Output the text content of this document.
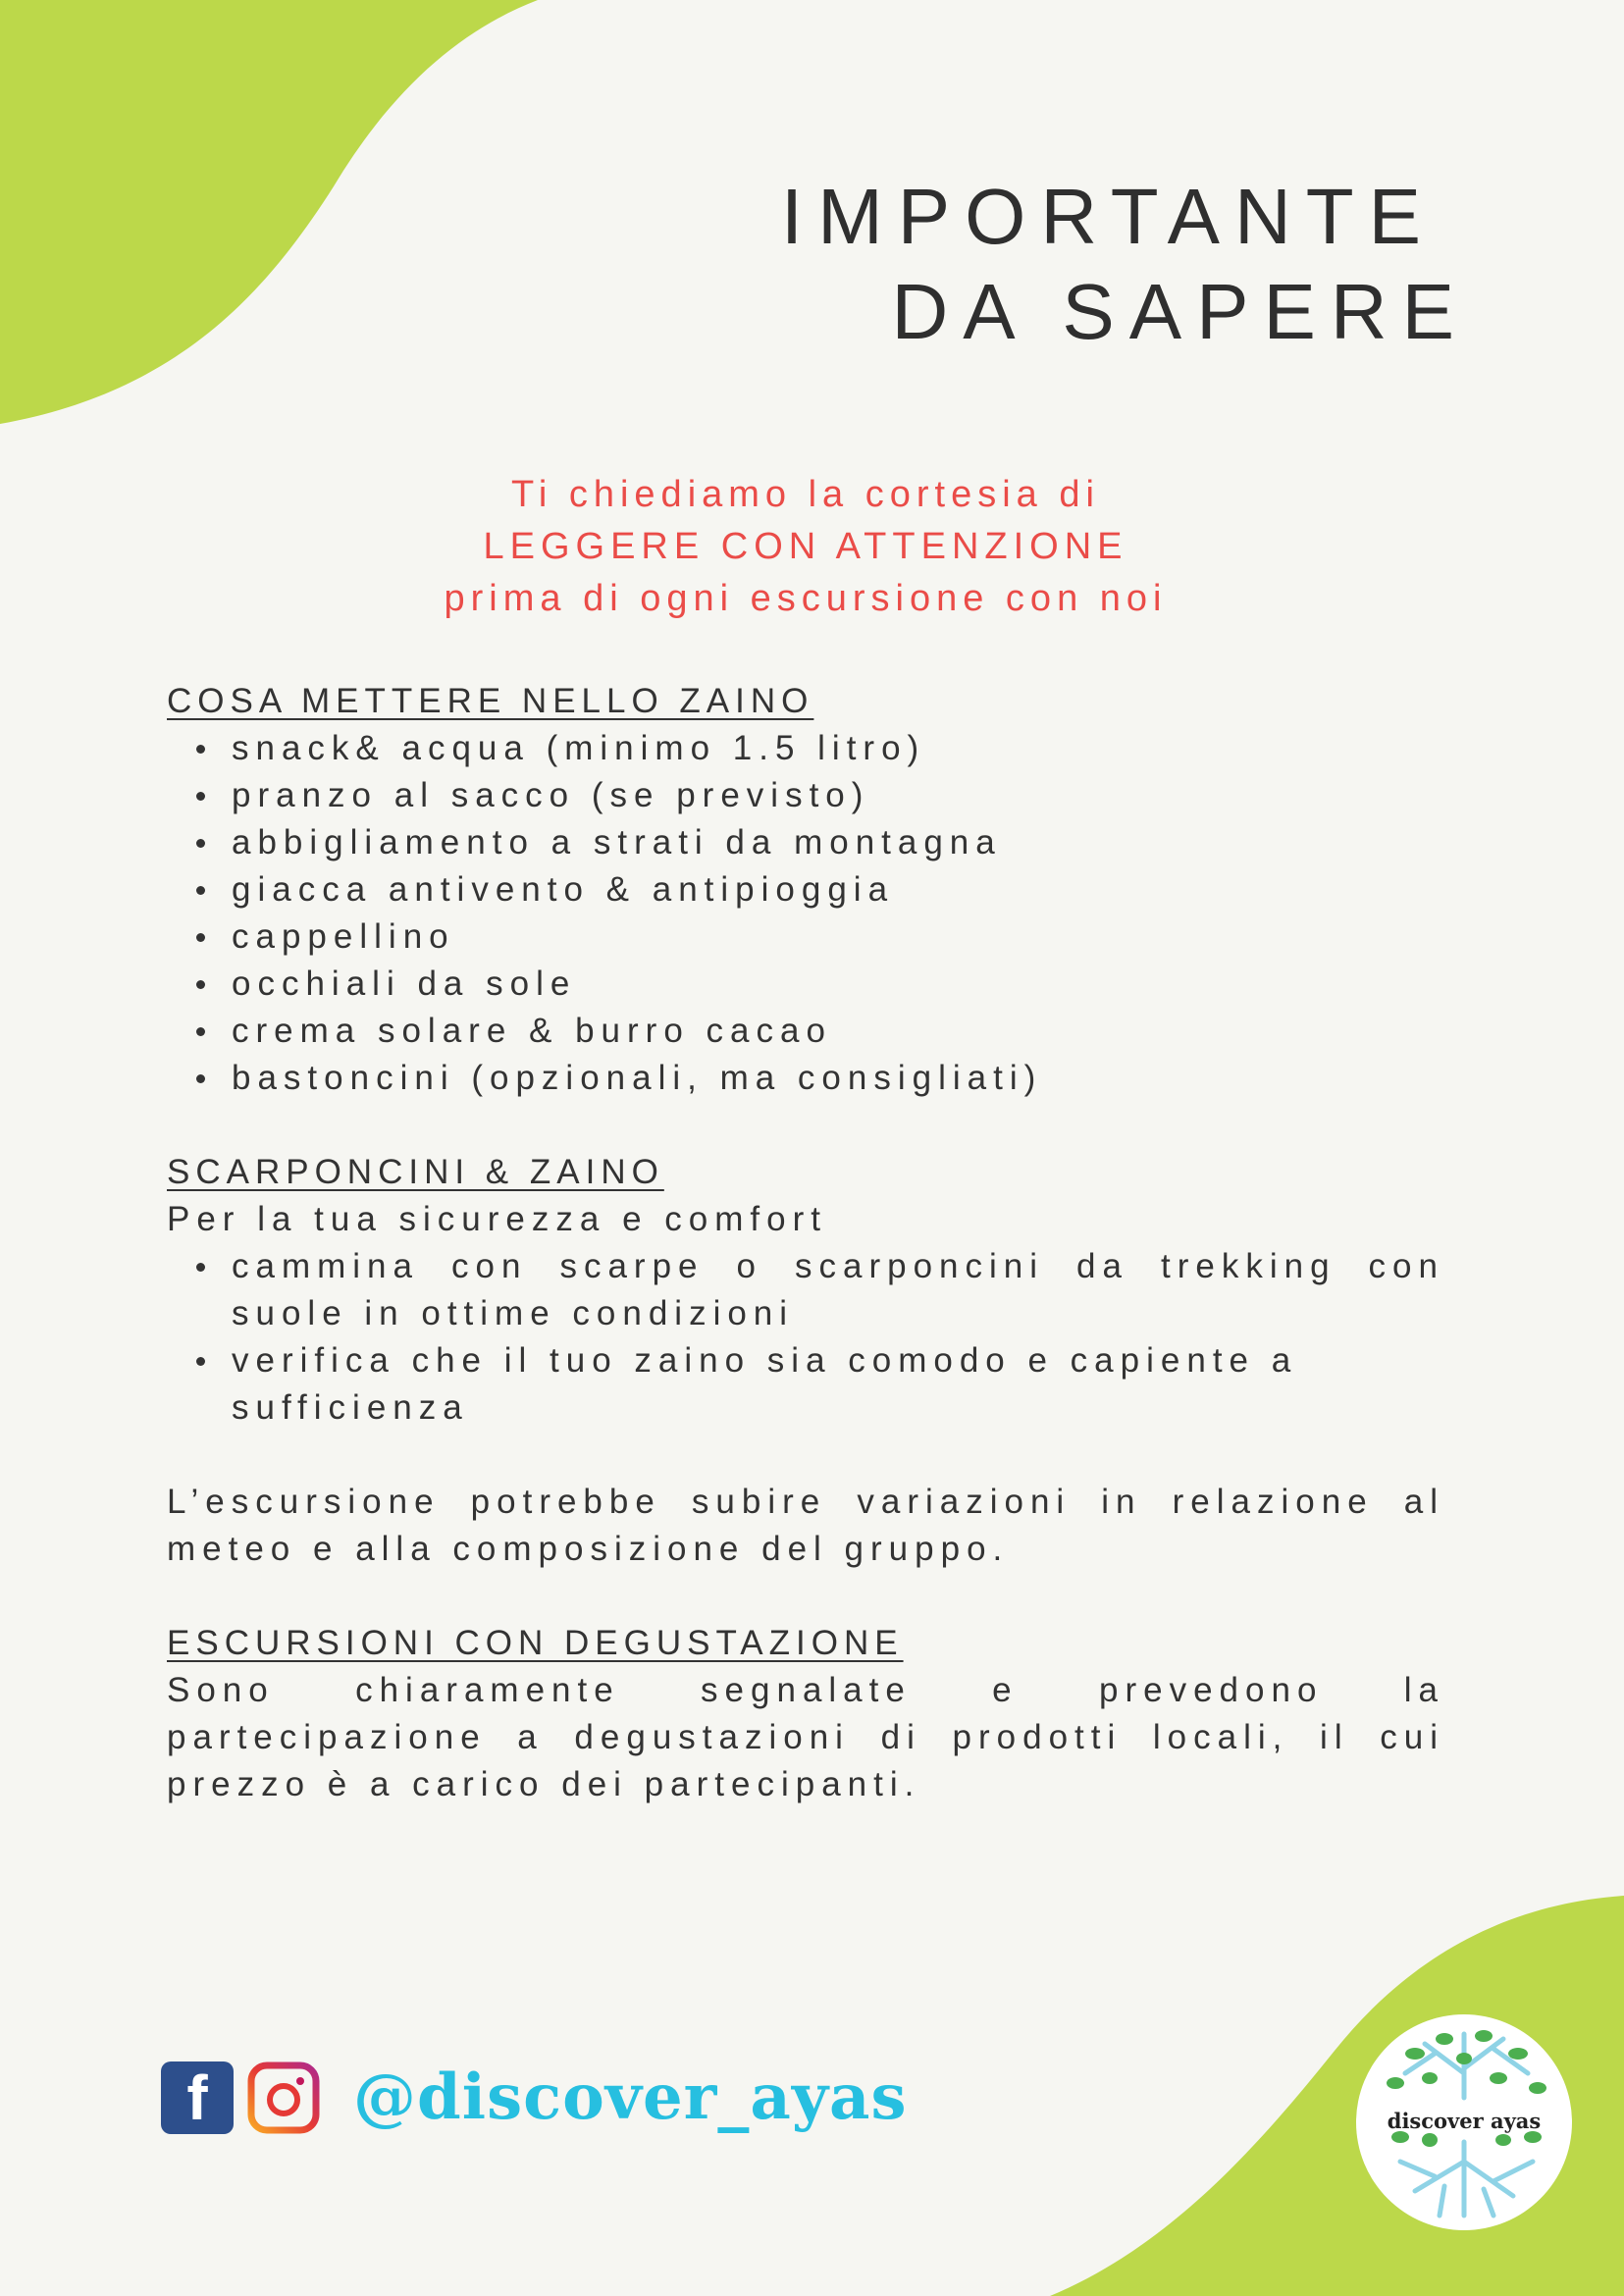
IMPORTANTE
DA SAPERE
Ti chiediamo la cortesia di
LEGGERE CON ATTENZIONE
prima di ogni escursione con noi
COSA METTERE NELLO ZAINO
snack& acqua (minimo 1.5 litro)
pranzo al sacco (se previsto)
abbigliamento a strati da montagna
giacca antivento & antipioggia
cappellino
occhiali da sole
crema solare & burro cacao
bastoncini (opzionali, ma consigliati)
SCARPONCINI & ZAINO
Per la tua sicurezza e comfort
cammina con scarpe o scarponcini da trekking con suole in ottime condizioni
verifica che il tuo zaino sia comodo e capiente a sufficienza
L’escursione potrebbe subire variazioni in relazione al meteo e alla composizione del gruppo.
ESCURSIONI CON DEGUSTAZIONE
Sono chiaramente segnalate e prevedono la partecipazione a degustazioni di prodotti locali, il cui prezzo è a carico dei partecipanti.
f	@discover_ayas	discover ayas
